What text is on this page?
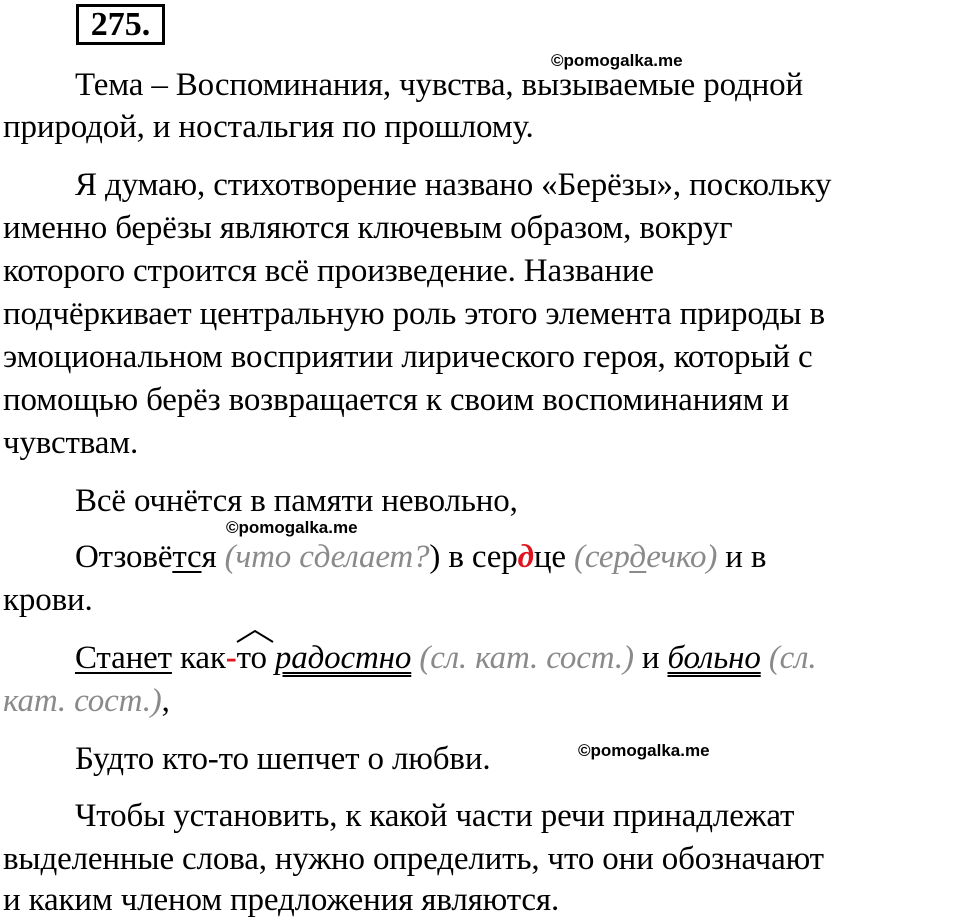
275.
©pomogalka.me
©pomogalka.me
©pomogalka.me
Тема – Воспоминания, чувства, вызываемые родной
природой, и ностальгия по прошлому.
Я думаю, стихотворение названо «Берёзы», поскольку
именно берёзы являются ключевым образом, вокруг
которого строится всё произведение. Название
подчёркивает центральную роль этого элемента природы в
эмоциональном восприятии лирического героя, который с
помощью берёз возвращается к своим воспоминаниям и
чувствам.
Всё очнётся в памяти невольно,
Отзовётся (что сделает?) в сердце (сердечко) и в
крови.
Станет как-
то радостно (сл. кат. сост.) и больно (сл.
кат. сост.),
Будто кто-то шепчет о любви.
Чтобы установить, к какой части речи принадлежат
выделенные слова, нужно определить, что они обозначают
и каким членом предложения являются.
